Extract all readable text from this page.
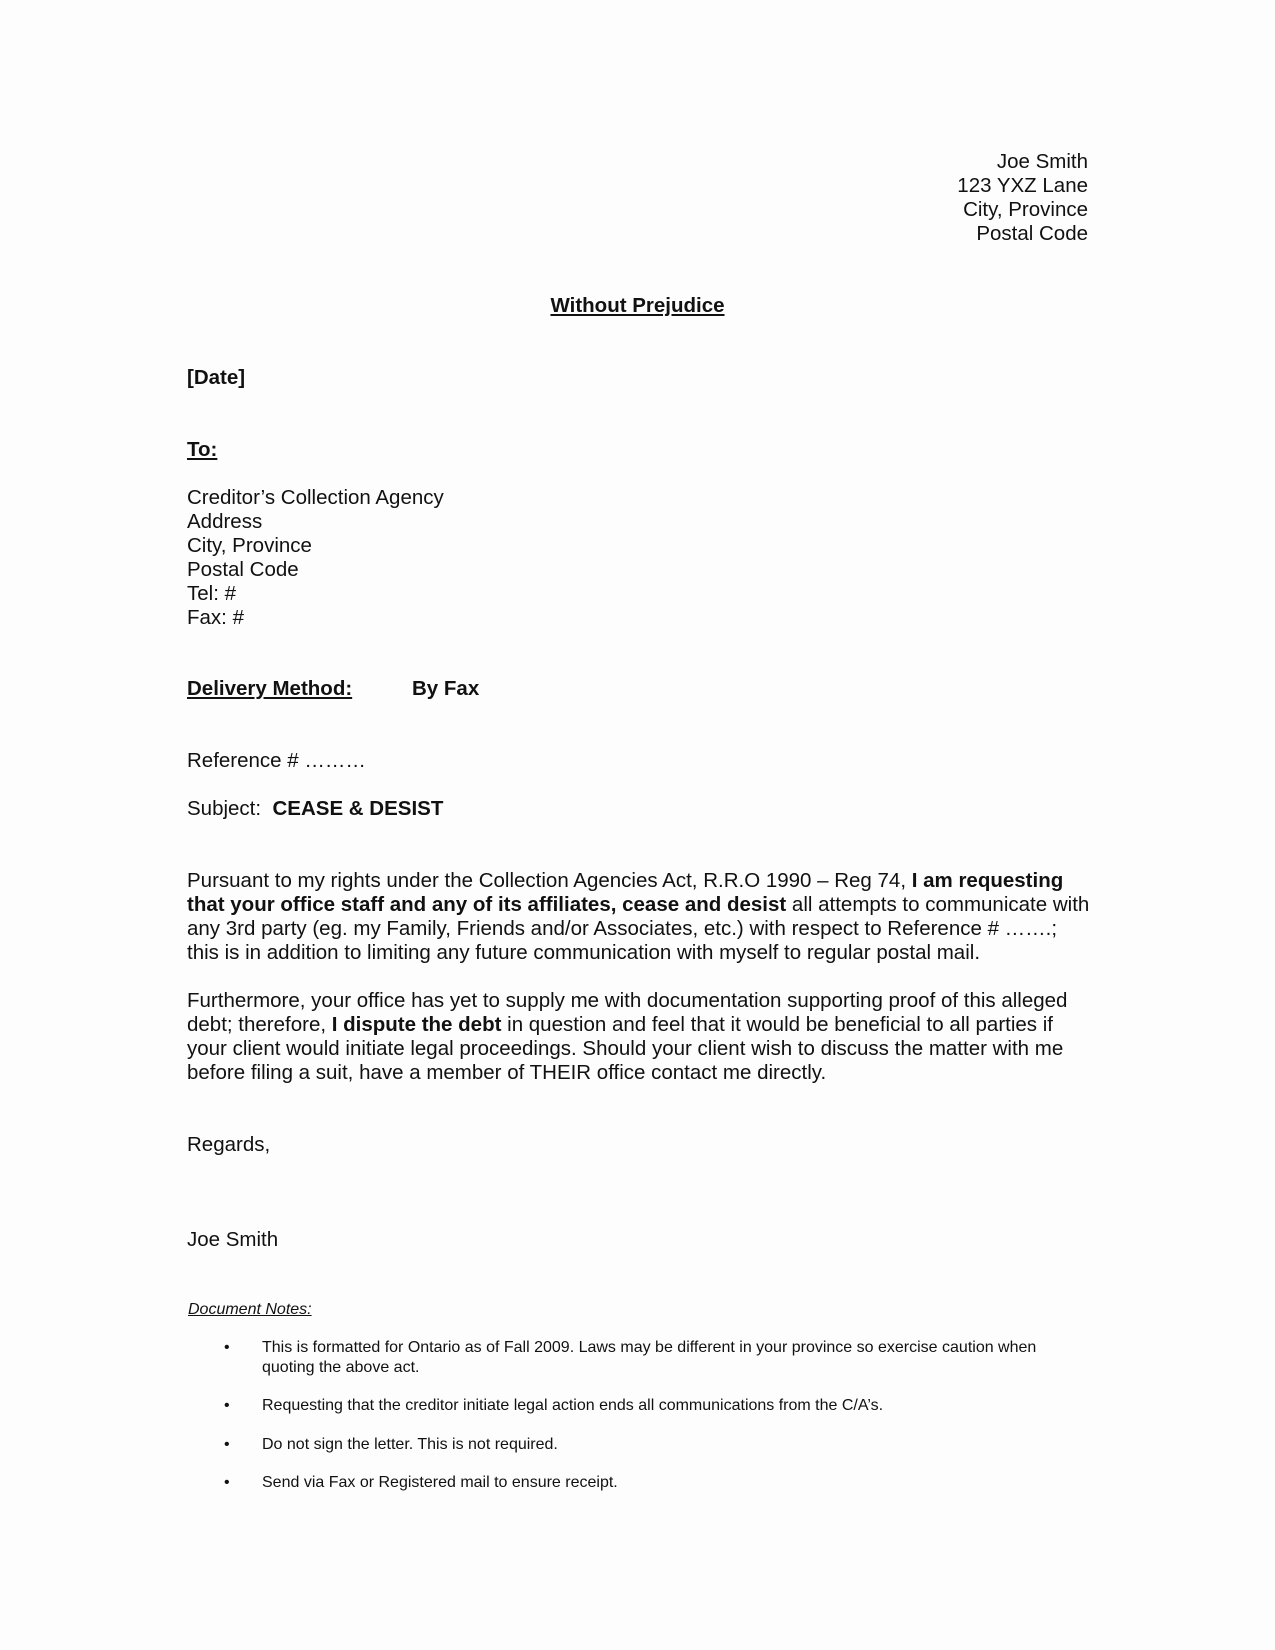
Joe Smith
123 YXZ Lane
City, Province
Postal Code
Without Prejudice
[Date]
To:
Creditor’s Collection Agency
Address
City, Province
Postal Code
Tel: #
Fax: #
Delivery Method:	By Fax
Reference # ………
Subject: CEASE & DESIST
Pursuant to my rights under the Collection Agencies Act, R.R.O 1990 – Reg 74, I am requesting that your office staff and any of its affiliates, cease and desist all attempts to communicate with any 3rd party (eg. my Family, Friends and/or Associates, etc.) with respect to Reference # …….; this is in addition to limiting any future communication with myself to regular postal mail.
Furthermore, your office has yet to supply me with documentation supporting proof of this alleged debt; therefore, I dispute the debt in question and feel that it would be beneficial to all parties if your client would initiate legal proceedings. Should your client wish to discuss the matter with me before filing a suit, have a member of THEIR office contact me directly.
Regards,
Joe Smith
Document Notes:
• This is formatted for Ontario as of Fall 2009. Laws may be different in your province so exercise caution when quoting the above act.
• Requesting that the creditor initiate legal action ends all communications from the C/A’s.
• Do not sign the letter. This is not required.
• Send via Fax or Registered mail to ensure receipt.
